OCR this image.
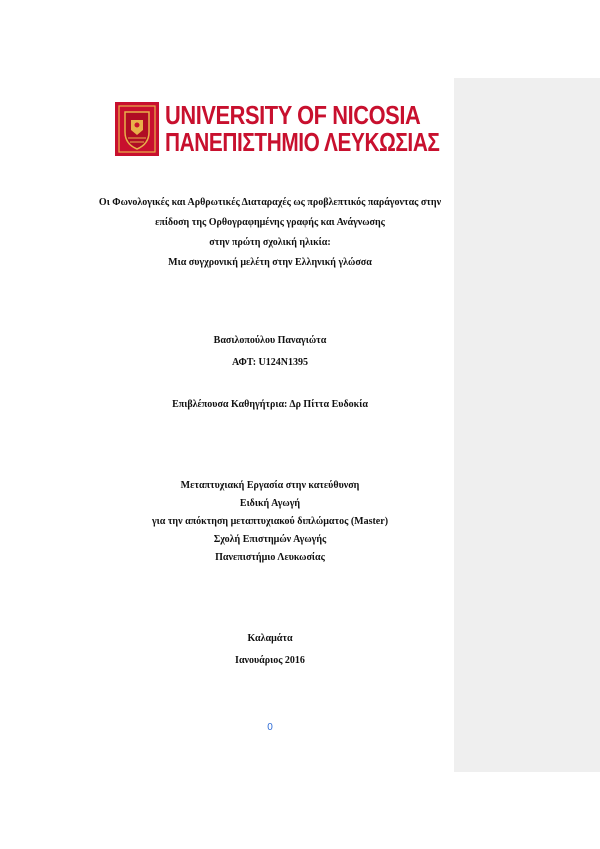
UNIVERSITY OF NICOSIA
ΠΑΝΕΠΙΣΤΗΜΙΟ ΛΕΥΚΩΣΙΑΣ
Οι Φωνολογικές και Αρθρωτικές Διαταραχές ως προβλεπτικός παράγοντας στην
επίδοση της Ορθογραφημένης γραφής και Ανάγνωσης
στην πρώτη σχολική ηλικία:
Μια συγχρονική μελέτη στην Ελληνική γλώσσα
Βασιλοπούλου Παναγιώτα
ΑΦΤ: U124N1395
Επιβλέπουσα Καθηγήτρια: Δρ Πίττα Ευδοκία
Μεταπτυχιακή Εργασία στην κατεύθυνση
Ειδική Αγωγή
για την απόκτηση μεταπτυχιακού διπλώματος (Master)
Σχολή Επιστημών Αγωγής
Πανεπιστήμιο Λευκωσίας
Καλαμάτα
Ιανουάριος 2016
0
